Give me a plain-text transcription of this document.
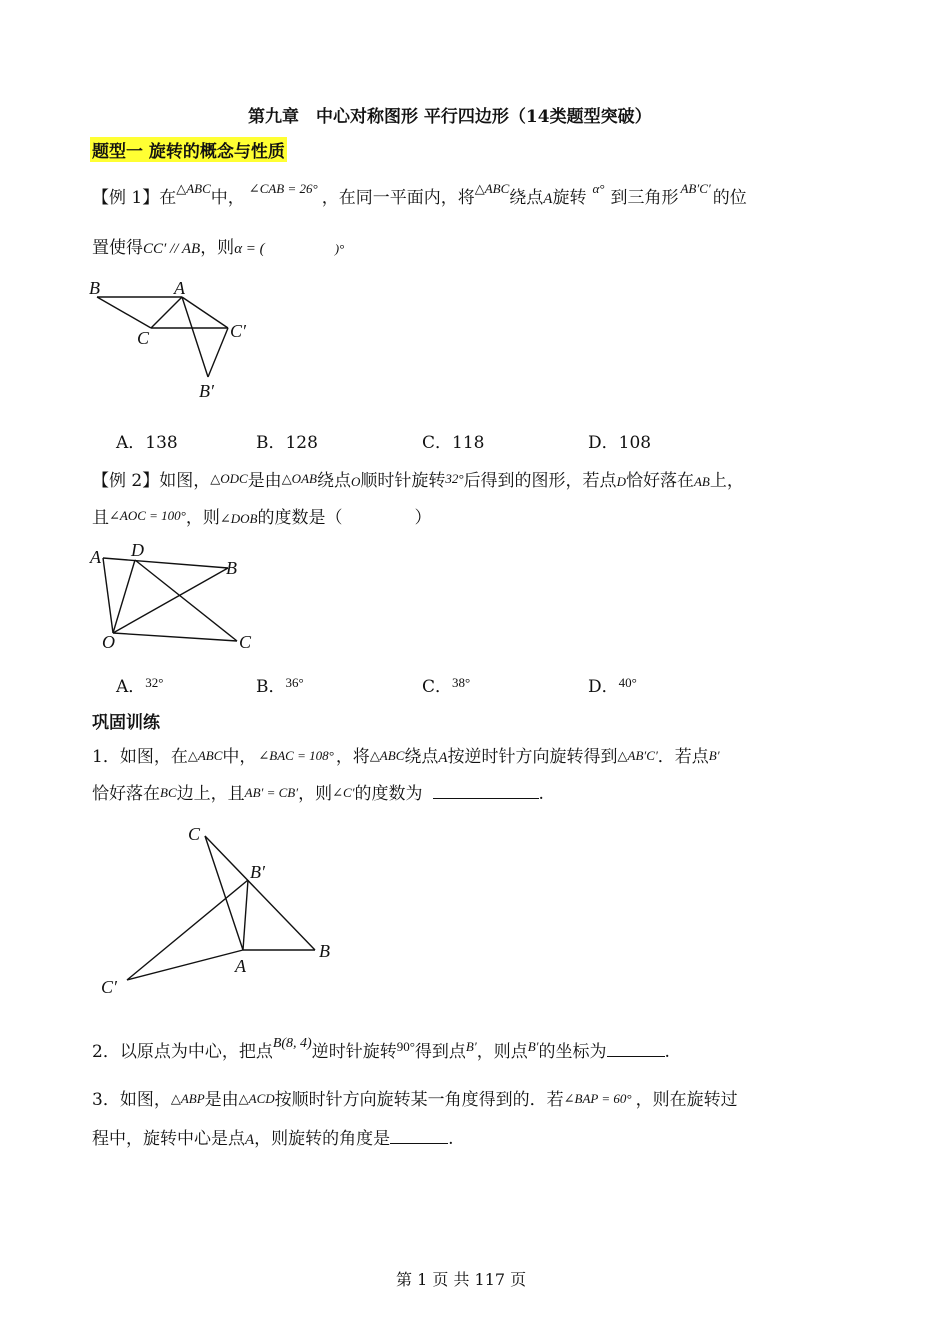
第九章　中心对称图形 平行四边形（14类题型突破）
题型一 旋转的概念与性质
【例 1】在$^{\triangle ABC}$中， $^{\angle CAB = 26^\circ}$ ，在同一平面内，将$^{\triangle ABC}$绕点A旋转 $^{\alpha^\circ}$ 到三角形 $^{AB'C'}$ 的位
置使得CC′ // AB，则α = (	)°
B	A
C	C′
B′
A．138	B．128	C．118	D．108
【例 2】如图，△ODC是由△OAB绕点O顺时针旋转32°后得到的图形，若点D恰好落在AB上，
且∠AOC = 100°，则∠DOB的度数是（	）
A D
B
O	C
A．$^{32^\circ}$	B．$^{36^\circ}$	C．$^{38^\circ}$	D．$^{40^\circ}$
巩固训练
1．如图，在△ABC中， ∠BAC = 108° ，将△ABC绕点A按逆时针方向旋转得到△AB′C′．若点B′
恰好落在BC边上，且AB′ = CB′，则∠C′的度数为	.
C
B′
A
B
C′
2．以原点为中心，把点$^{B(8, 4)}$逆时针旋转$^{90^\circ}$得到点$^{B'}$，则点$^{B'}$的坐标为	.
3．如图，△ABP是由△ACD按顺时针方向旋转某一角度得到的．若∠BAP = 60° ，则在旋转过
程中，旋转中心是点A，则旋转的角度是	.
第 1 页 共 117 页
